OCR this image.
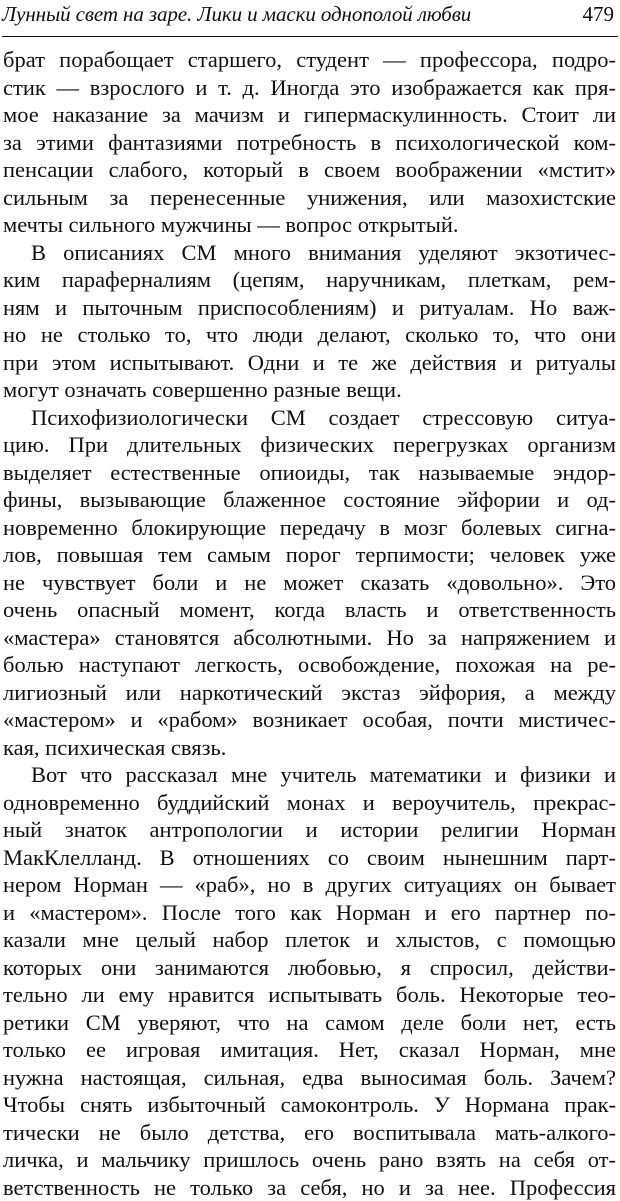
Лунный свет на заре. Лики и маски однополой любви	479
брат порабощает старшего, студент — профессора, подро-
стик — взрослого и т. д. Иногда это изображается как пря-
мое наказание за мачизм и гипермаскулинность. Стоит ли
за этими фантазиями потребность в психологической ком-
пенсации слабого, который в своем воображении «мстит»
сильным за перенесенные унижения, или мазохистские
мечты сильного мужчины — вопрос открытый.
В описаниях СМ много внимания уделяют экзотичес-
ким параферналиям (цепям, наручникам, плеткам, рем-
ням и пыточным приспособлениям) и ритуалам. Но важ-
но не столько то, что люди делают, сколько то, что они
при этом испытывают. Одни и те же действия и ритуалы
могут означать совершенно разные вещи.
Психофизиологически СМ создает стрессовую ситуа-
цию. При длительных физических перегрузках организм
выделяет естественные опиоиды, так называемые эндор-
фины, вызывающие блаженное состояние эйфории и од-
новременно блокирующие передачу в мозг болевых сигна-
лов, повышая тем самым порог терпимости; человек уже
не чувствует боли и не может сказать «довольно». Это
очень опасный момент, когда власть и ответственность
«мастера» становятся абсолютными. Но за напряжением и
болью наступают легкость, освобождение, похожая на ре-
лигиозный или наркотический экстаз эйфория, а между
«мастером» и «рабом» возникает особая, почти мистичес-
кая, психическая связь.
Вот что рассказал мне учитель математики и физики и
одновременно буддийский монах и вероучитель, прекрас-
ный знаток антропологии и истории религии Норман
МакКлелланд. В отношениях со своим нынешним парт-
нером Норман — «раб», но в других ситуациях он бывает
и «мастером». После того как Норман и его партнер по-
казали мне целый набор плеток и хлыстов, с помощью
которых они занимаются любовью, я спросил, действи-
тельно ли ему нравится испытывать боль. Некоторые тео-
ретики СМ уверяют, что на самом деле боли нет, есть
только ее игровая имитация. Нет, сказал Норман, мне
нужна настоящая, сильная, едва выносимая боль. Зачем?
Чтобы снять избыточный самоконтроль. У Нормана прак-
тически не было детства, его воспитывала мать-алкого-
личка, и мальчику пришлось очень рано взять на себя от-
ветственность не только за себя, но и за нее. Профессия
